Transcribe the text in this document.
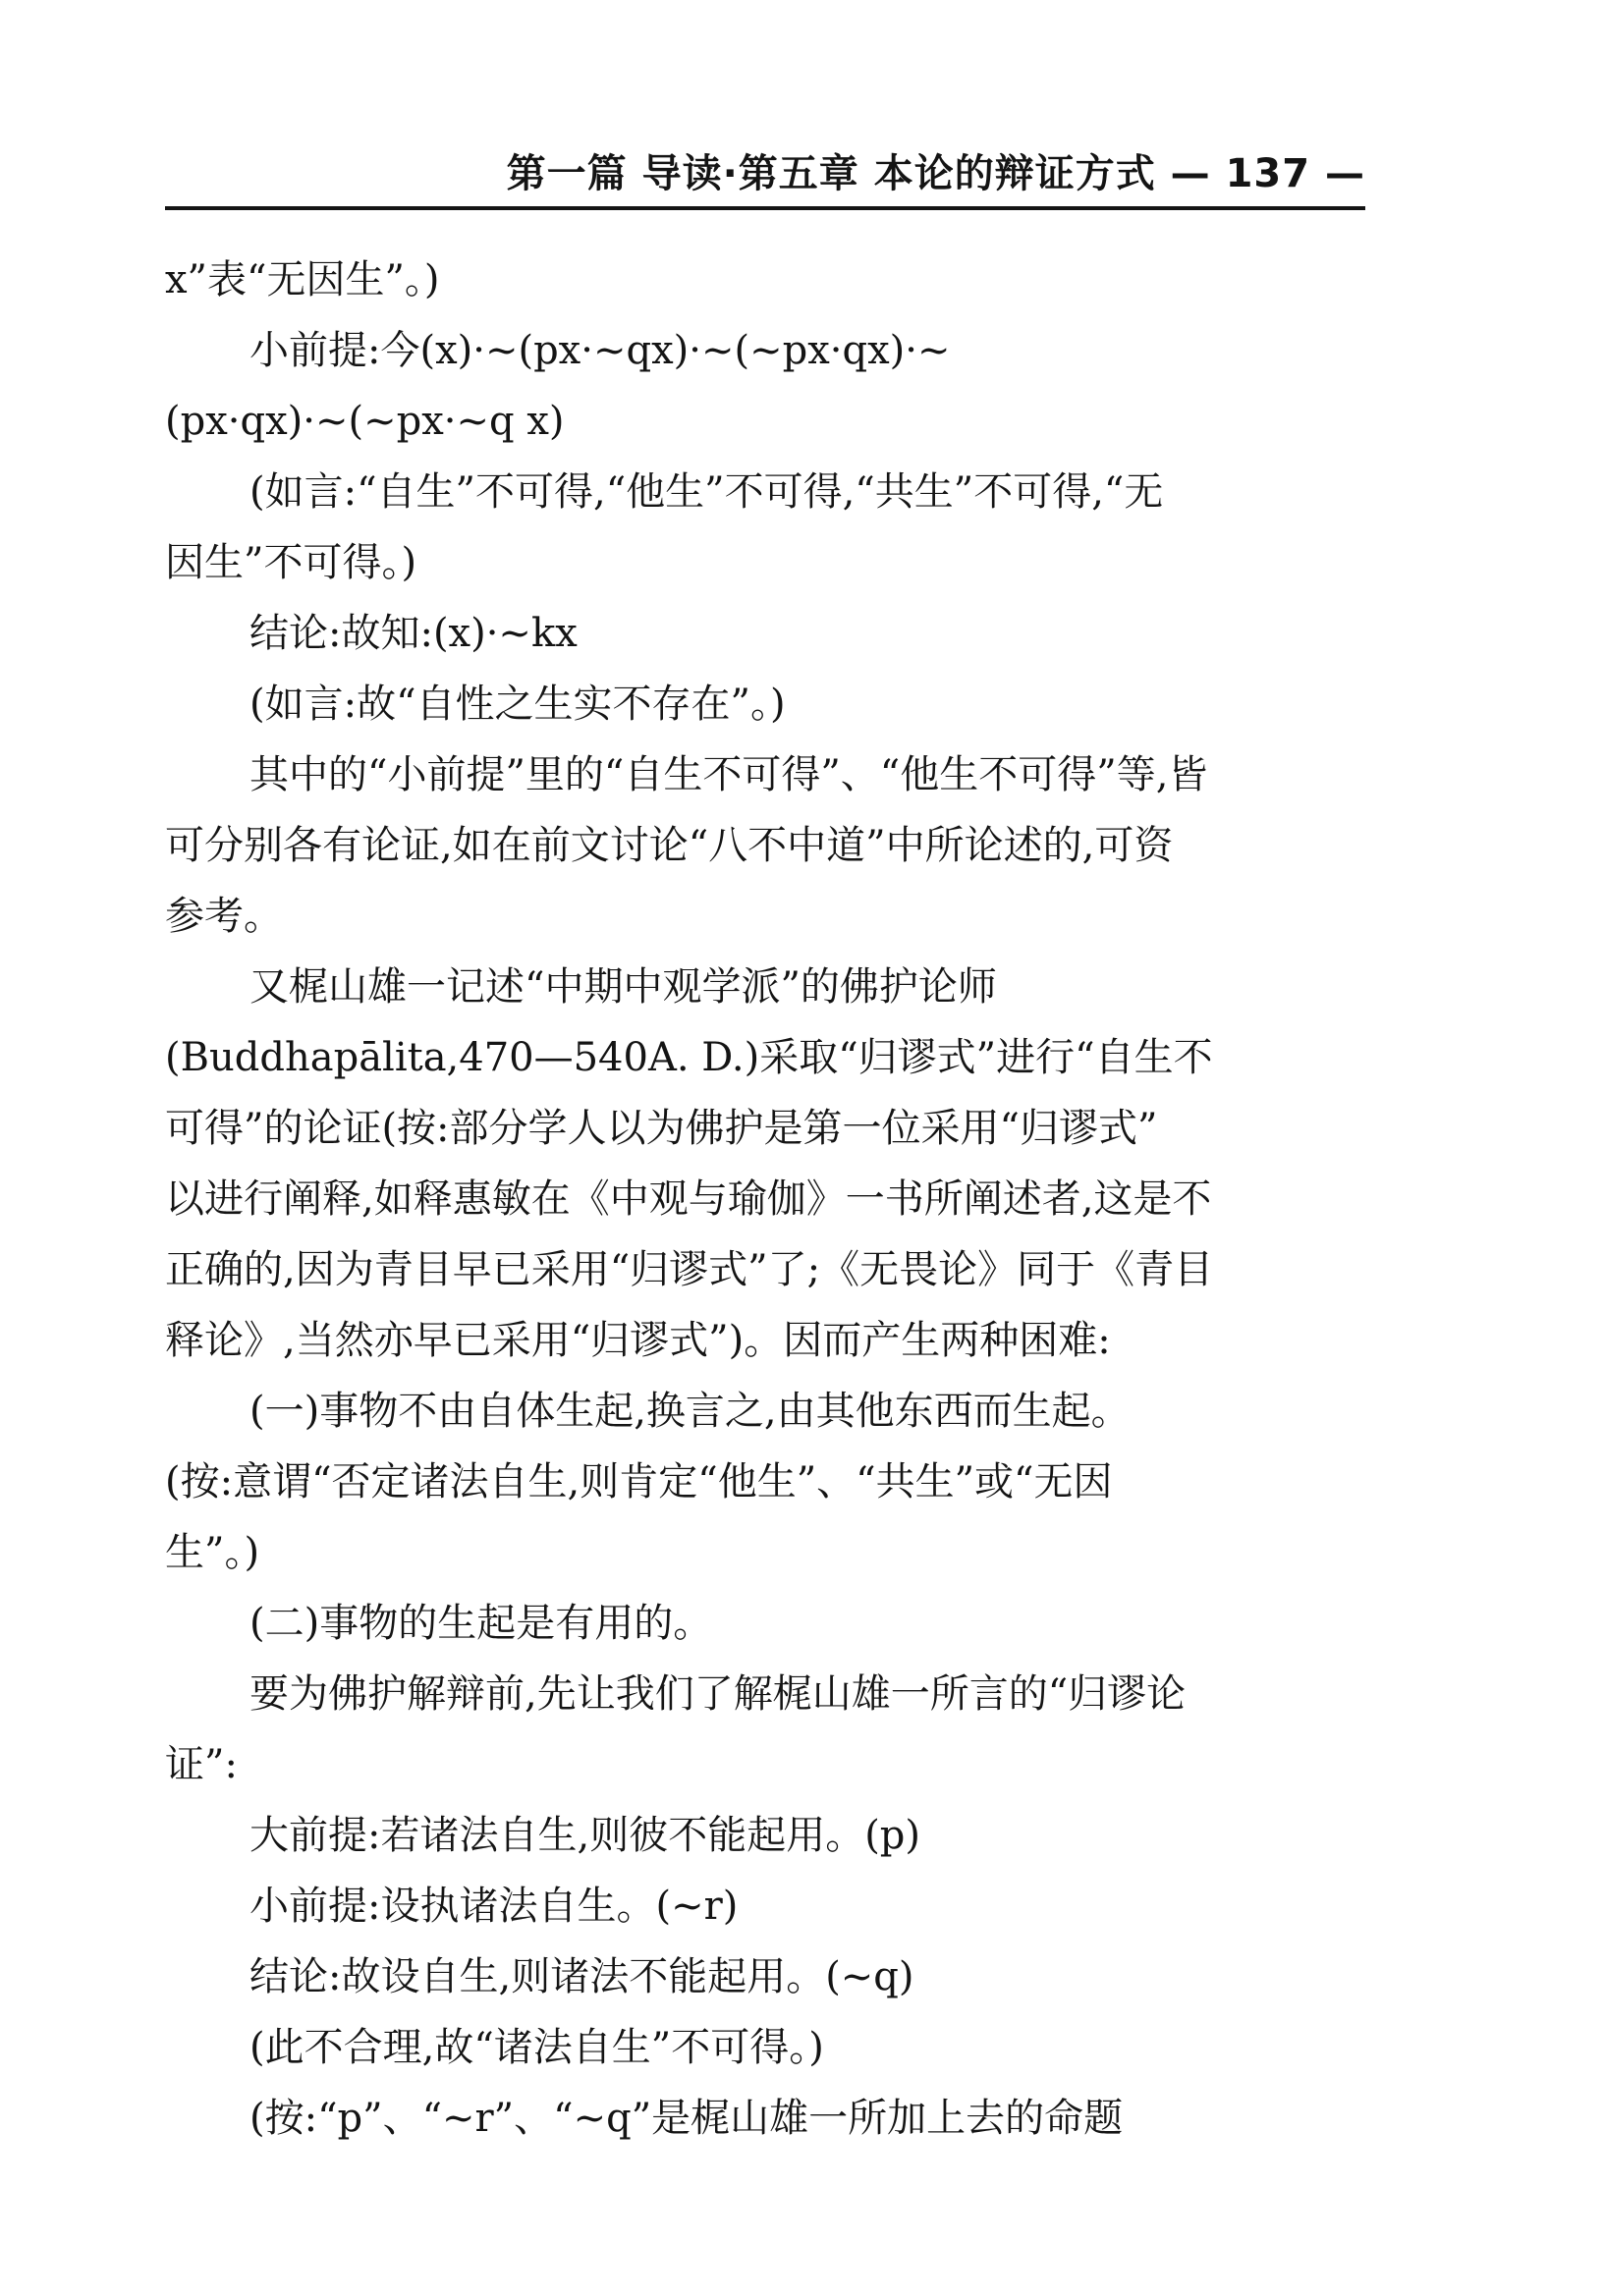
第一篇 导读·第五章 本论的辩证方式 — 137 —
x”表“无因生”。)
小前提:今(x)·~(px·~qx)·~(~px·qx)·~
(px·qx)·~(~px·~q x)
(如言:“自生”不可得,“他生”不可得,“共生”不可得,“无
因生”不可得。)
结论:故知:(x)·~kx
(如言:故“自性之生实不存在”。)
其中的“小前提”里的“自生不可得”、“他生不可得”等,皆
可分别各有论证,如在前文讨论“八不中道”中所论述的,可资
参考。
又梶山雄一记述“中期中观学派”的佛护论师
(Buddhapālita,470—540A. D.)采取“归谬式”进行“自生不
可得”的论证(按:部分学人以为佛护是第一位采用“归谬式”
以进行阐释,如释惠敏在《中观与瑜伽》一书所阐述者,这是不
正确的,因为青目早已采用“归谬式”了;《无畏论》同于《青目
释论》,当然亦早已采用“归谬式”)。因而产生两种困难:
(一)事物不由自体生起,换言之,由其他东西而生起。
(按:意谓“否定诸法自生,则肯定“他生”、“共生”或“无因
生”。)
(二)事物的生起是有用的。
要为佛护解辩前,先让我们了解梶山雄一所言的“归谬论
证”:
大前提:若诸法自生,则彼不能起用。(p)
小前提:设执诸法自生。(~r)
结论:故设自生,则诸法不能起用。(~q)
(此不合理,故“诸法自生”不可得。)
(按:“p”、“~r”、“~q”是梶山雄一所加上去的命题
